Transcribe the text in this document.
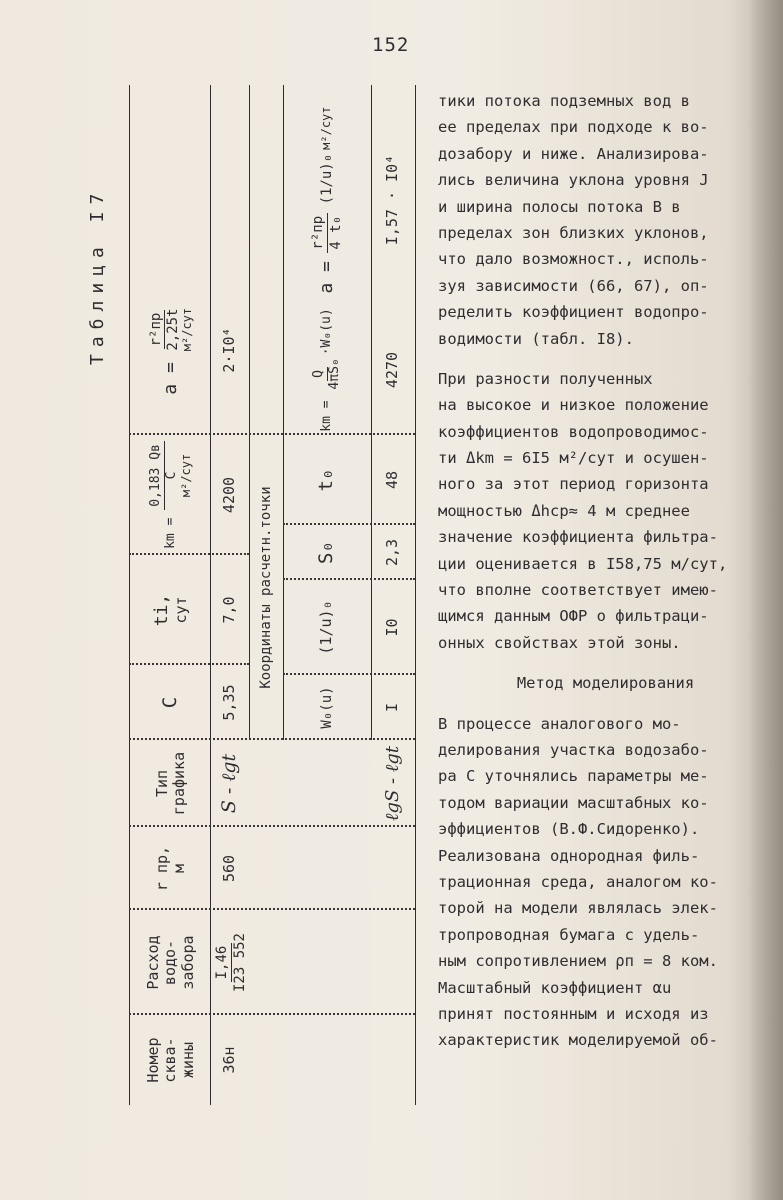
152
Таблица I7
Номер сква- жины
Расход водо- забора
r пр, м
Тип графика
C
ti, сут
km =

0,183 Qв C м²/сут
a =

r²пр 2,25t м²/сут
36н
I,46 I23 552
560
S - ℓgt
5,35
7,0
4200
2·I0⁴
Координаты расчетн.точки
W₀(u)
(1/u)₀
S₀
t₀
km =

Q 4πS₀
·W₀(u)
a =

r²пр 4 t₀

(1/u)₀
м²/сут
ℓgS - ℓgt
I
I0
2,3
48
4270
I,57 · I0⁴
тики потока подземных вод в
ее пределах при подходе к во-
дозабору и ниже. Анализирова-
лись величина уклона уровня J
и ширина полосы потока В в
пределах зон близких уклонов,
что дало возможност., исполь-
зуя зависимости (66, 67), оп-
ределить коэффициент водопро-
водимости (табл. I8).
При разности полученных
на высокое и низкое положение
коэффициентов водопроводимос-
ти Δkm = 6I5 м²/сут и осушен-
ного за этот период горизонта
мощностью Δhср≈ 4 м среднее
значение коэффициента фильтра-
ции оценивается в I58,75 м/сут,
что вполне соответствует имею-
щимся данным ОФР о фильтраци-
онных свойствах этой зоны.
Метод моделирования
В процессе аналогового мо-
делирования участка водозабо-
ра С уточнялись параметры ме-
тодом вариации масштабных ко-
эффициентов (В.Ф.Сидоренко).
Реализована однородная филь-
трационная среда, аналогом ко-
торой на модели являлась элек-
тропроводная бумага с удель-
ным сопротивлением ρп = 8 ком.
Масштабный коэффициент αu
принят постоянным и исходя из
характеристик моделируемой об-
